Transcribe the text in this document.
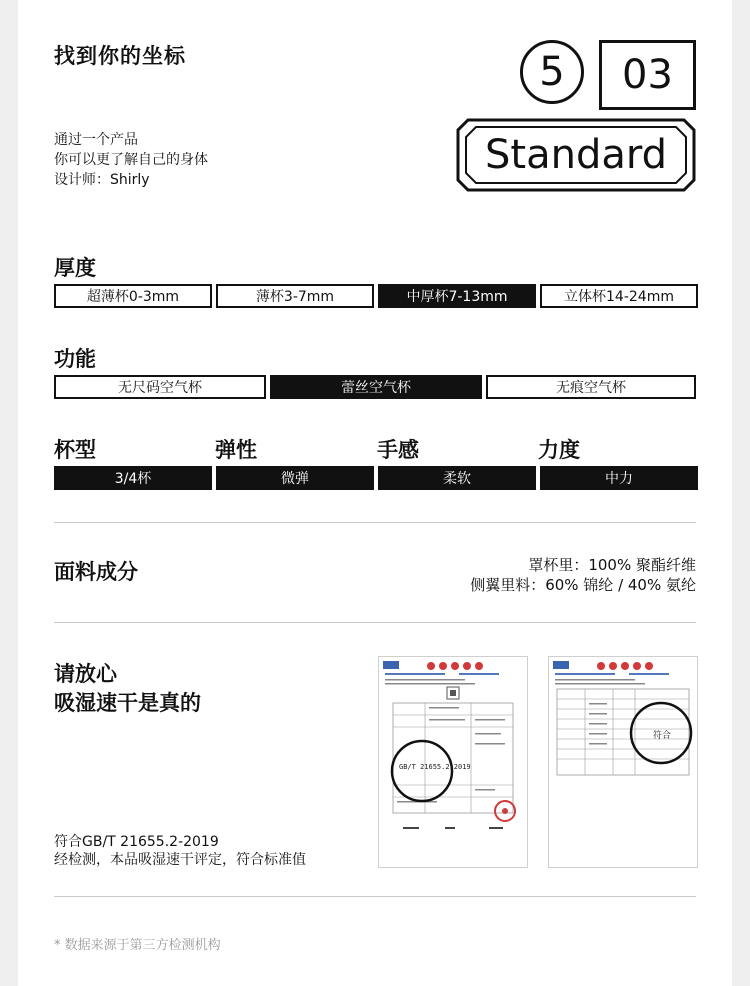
找到你的坐标
通过一个产品
你可以更了解自己的身体
设计师：Shirly
5	03
Standard
厚度
超薄杯0-3mm	薄杯3-7mm	中厚杯7-13mm	立体杯14-24mm
功能
无尺码空气杯	蕾丝空气杯	无痕空气杯
杯型	弹性	手感	力度
3/4杯	微弹	柔软	中力
面料成分	罩杯里：100% 聚酯纤维
侧翼里料：60% 锦纶 / 40% 氨纶
请放心
吸湿速干是真的
符合GB/T 21655.2-2019
经检测，本品吸湿速干评定，符合标准值
GB/T 21655.2-2019
符合
* 数据来源于第三方检测机构
